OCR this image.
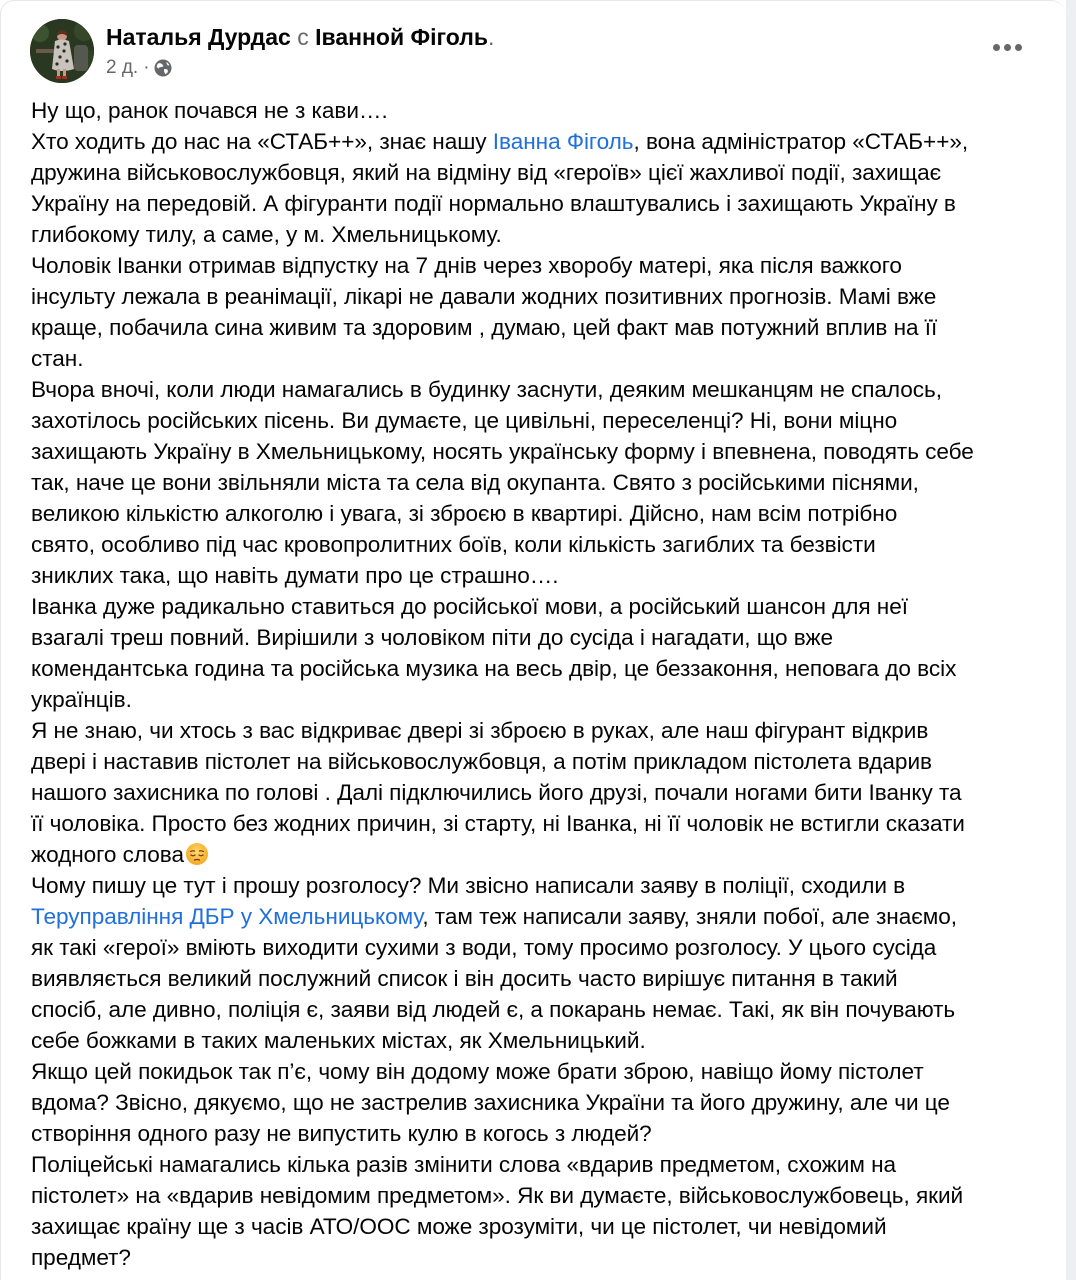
Наталья Дурдас с Іванной Фіголь.
2 д. ·
Ну що, ранок почався не з кави….
Хто ходить до нас на «СТАБ++», знає нашу Іванна Фіголь, вона адміністратор «СТАБ++»,
дружина військовослужбовця, який на відміну від «героїв» цієї жахливої події, захищає
Україну на передовій. А фігуранти події нормально влаштувались і захищають Україну в
глибокому тилу, а саме, у м. Хмельницькому.
Чоловік Іванки отримав відпустку на 7 днів через хворобу матері, яка після важкого
інсульту лежала в реанімації, лікарі не давали жодних позитивних прогнозів. Мамі вже
краще, побачила сина живим та здоровим , думаю, цей факт мав потужний вплив на її
стан.
Вчора вночі, коли люди намагались в будинку заснути, деяким мешканцям не спалось,
захотілось російських пісень. Ви думаєте, це цивільні, переселенці? Ні, вони міцно
захищають Україну в Хмельницькому, носять українську форму і впевнена, поводять себе
так, наче це вони звільняли міста та села від окупанта. Свято з російськими піснями,
великою кількістю алкоголю і увага, зі зброєю в квартирі. Дійсно, нам всім потрібно
свято, особливо під час кровопролитних боїв, коли кількість загиблих та безвісти
зниклих така, що навіть думати про це страшно….
Іванка дуже радикально ставиться до російської мови, а російський шансон для неї
взагалі треш повний. Вирішили з чоловіком піти до сусіда і нагадати, що вже
комендантська година та російська музика на весь двір, це беззаконня, неповага до всіх
українців.
Я не знаю, чи хтось з вас відкриває двері зі зброєю в руках, але наш фігурант відкрив
двері і наставив пістолет на військовослужбовця, а потім прикладом пістолета вдарив
нашого захисника по голові . Далі підключились його друзі, почали ногами бити Іванку та
її чоловіка. Просто без жодних причин, зі старту, ні Іванка, ні її чоловік не встигли сказати
жодного слова
Чому пишу це тут і прошу розголосу? Ми звісно написали заяву в поліції, сходили в
Теруправління ДБР у Хмельницькому, там теж написали заяву, зняли побої, але знаємо,
як такі «герої» вміють виходити сухими з води, тому просимо розголосу. У цього сусіда
виявляється великий послужний список і він досить часто вирішує питання в такий
спосіб, але дивно, поліція є, заяви від людей є, а покарань немає. Такі, як він почувають
себе божками в таких маленьких містах, як Хмельницький.
Якщо цей покидьок так п’є, чому він додому може брати зброю, навіщо йому пістолет
вдома? Звісно, дякуємо, що не застрелив захисника України та його дружину, але чи це
створіння одного разу не випустить кулю в когось з людей?
Поліцейські намагались кілька разів змінити слова «вдарив предметом, схожим на
пістолет» на «вдарив невідомим предметом». Як ви думаєте, військовослужбовець, який
захищає країну ще з часів АТО/ООС може зрозуміти, чи це пістолет, чи невідомий
предмет?
